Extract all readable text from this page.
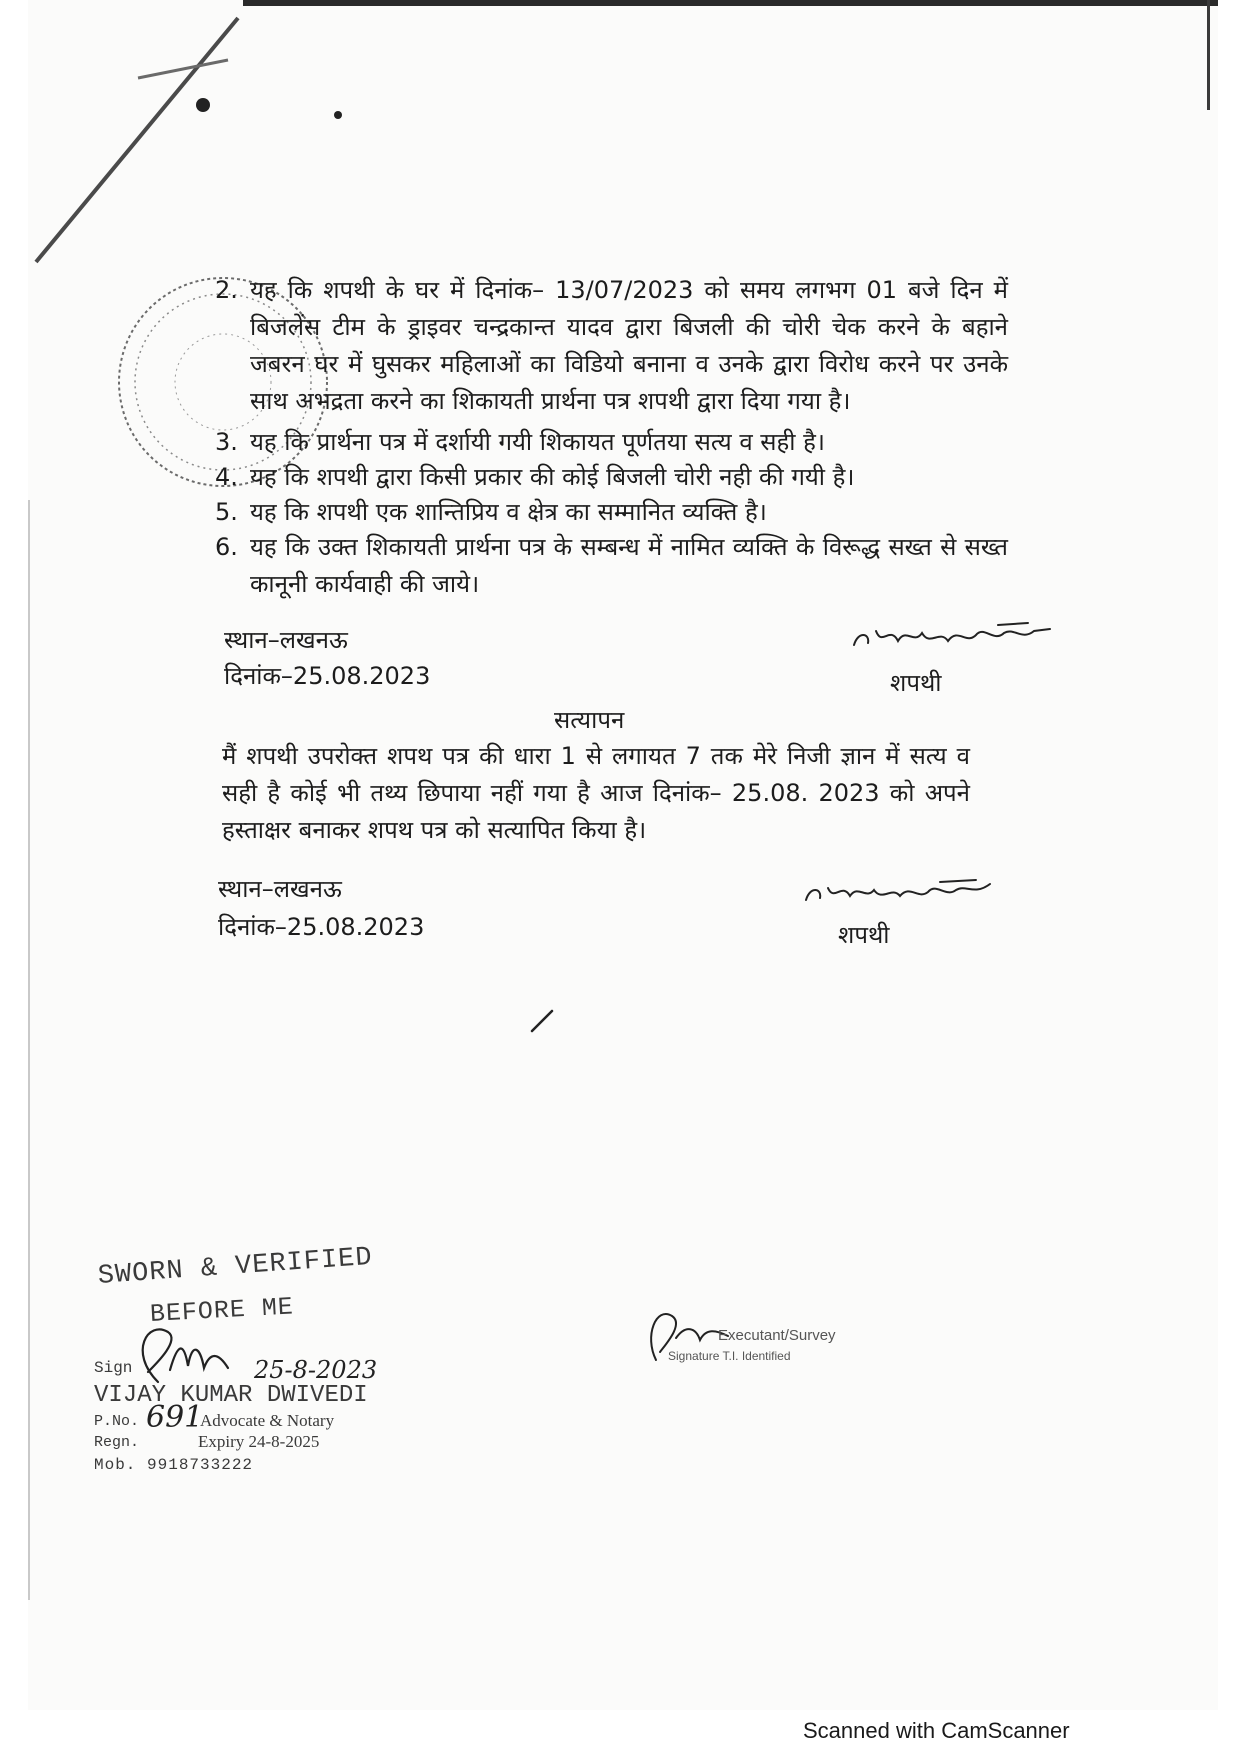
2. यह कि शपथी के घर में दिनांक– 13/07/2023 को समय लगभग 01 बजे दिन में बिजलेंस टीम के ड्राइवर चन्द्रकान्त यादव द्वारा बिजली की चोरी चेक करने के बहाने जबरन घर में घुसकर महिलाओं का विडियो बनाना व उनके द्वारा विरोध करने पर उनके साथ अभद्रता करने का शिकायती प्रार्थना पत्र शपथी द्वारा दिया गया है।

3. यह कि प्रार्थना पत्र में दर्शायी गयी शिकायत पूर्णतया सत्य व सही है।

4. यह कि शपथी द्वारा किसी प्रकार की कोई बिजली चोरी नही की गयी है।

5. यह कि शपथी एक शान्तिप्रिय व क्षेत्र का सम्मानित व्यक्ति है।

6. यह कि उक्त शिकायती प्रार्थना पत्र के सम्बन्ध में नामित व्यक्ति के विरूद्ध सख्त से सख्त कानूनी कार्यवाही की जाये।

स्थान–लखनऊ
दिनांक–25.08.2023	शपथी
सत्यापन

मैं शपथी उपरोक्त शपथ पत्र की धारा 1 से लगायत 7 तक मेरे निजी ज्ञान में सत्य व सही है कोई भी तथ्य छिपाया नहीं गया है आज दिनांक– 25.08. 2023 को अपने हस्ताक्षर बनाकर शपथ पत्र को सत्यापित किया है।

स्थान–लखनऊ
दिनांक–25.08.2023	शपथी
SWORN & VERIFIED
BEFORE ME
Sign	25-8-2023
VIJAY KUMAR DWIVEDI
P.No. 691
Advocate & Notary
Regn.	Expiry 24-8-2025
Mob. 9918733222
Executant/Survey
Signature T.I. Identified
Scanned with CamScanner
